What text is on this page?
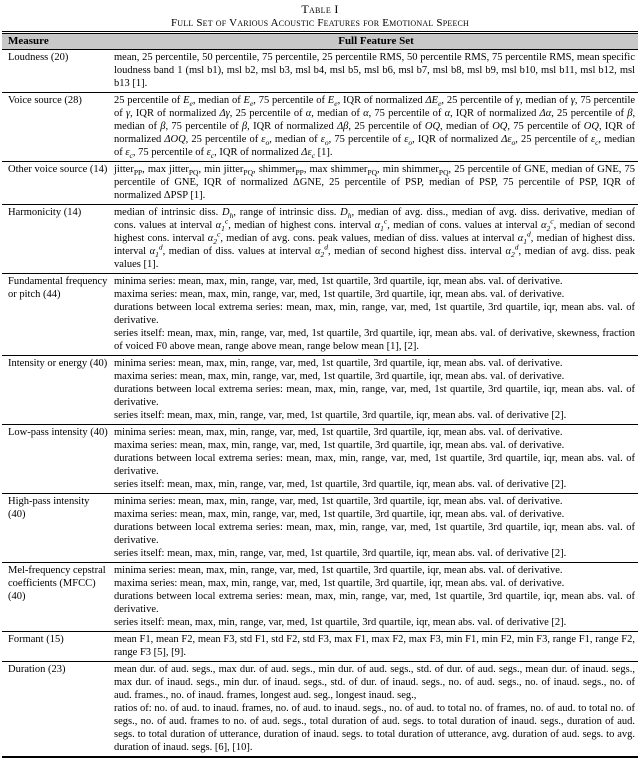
Table I
Full Set of Various Acoustic Features for Emotional Speech
Measure	Full Feature Set
Loudness (20)	mean, 25 percentile, 50 percentile, 75 percentile, 25 percentile RMS, 50 percentile RMS, 75 percentile RMS, mean specific loudness band 1 (msl b1), msl b2, msl b3, msl b4, msl b5, msl b6, msl b7, msl b8, msl b9, msl b10, msl b11, msl b12, msl b13 [1].

Voice source (28)	25 percentile of $E_e$, median of $E_e$, 75 percentile of $E_e$, IQR of normalized $\Delta E_e$, 25 percentile of γ, median of γ, 75 percentile of γ, IQR of normalized Δγ, 25 percentile of α, median of α, 75 percentile of α, IQR of normalized Δα, 25 percentile of β, median of β, 75 percentile of β, IQR of normalized Δβ, 25 percentile of OQ, median of OQ, 75 percentile of OQ, IQR of normalized ΔOQ, 25 percentile of $\varepsilon_o$, median of $\varepsilon_o$, 75 percentile of $\varepsilon_o$, IQR of normalized $\Delta\varepsilon_o$, 25 percentile of $\varepsilon_c$, median of $\varepsilon_c$, 75 percentile of $\varepsilon_c$, IQR of normalized $\Delta\varepsilon_c$ [1].

Other voice source (14)	jitter$_{PP}$, max jitter$_{PQ}$, min jitter$_{PQ}$, shimmer$_{PP}$, max shimmer$_{PQ}$, min shimmer$_{PQ}$, 25 percentile of GNE, median of GNE, 75 percentile of GNE, IQR of normalized ΔGNE, 25 percentile of PSP, median of PSP, 75 percentile of PSP, IQR of normalized ΔPSP [1].

Harmonicity (14)	median of intrinsic diss. $D_h$, range of intrinsic diss. $D_h$, median of avg. diss., median of avg. diss. derivative, median of cons. values at interval $\alpha_1^c$, median of highest cons. interval $\alpha_1^c$, median of cons. values at interval $\alpha_2^c$, median of second highest cons. interval $\alpha_2^c$, median of avg. cons. peak values, median of diss. values at interval $\alpha_1^d$, median of highest diss. interval $\alpha_1^d$, median of diss. values at interval $\alpha_2^d$, median of second highest diss. interval $\alpha_2^d$, median of avg. diss. peak values [1].

Fundamental frequency or pitch (44)	minima series: mean, max, min, range, var, med, 1st quartile, 3rd quartile, iqr, mean abs. val. of derivative.

maxima series: mean, max, min, range, var, med, 1st quartile, 3rd quartile, iqr, mean abs. val. of derivative.

durations between local extrema series: mean, max, min, range, var, med, 1st quartile, 3rd quartile, iqr, mean abs. val. of derivative.

series itself: mean, max, min, range, var, med, 1st quartile, 3rd quartile, iqr, mean abs. val. of derivative, skewness, fraction of voiced F0 above mean, range above mean, range below mean [1], [2].

Intensity or energy (40)	minima series: mean, max, min, range, var, med, 1st quartile, 3rd quartile, iqr, mean abs. val. of derivative.

maxima series: mean, max, min, range, var, med, 1st quartile, 3rd quartile, iqr, mean abs. val. of derivative.

durations between local extrema series: mean, max, min, range, var, med, 1st quartile, 3rd quartile, iqr, mean abs. val. of derivative.

series itself: mean, max, min, range, var, med, 1st quartile, 3rd quartile, iqr, mean abs. val. of derivative [2].

Low-pass intensity (40)	minima series: mean, max, min, range, var, med, 1st quartile, 3rd quartile, iqr, mean abs. val. of derivative.

maxima series: mean, max, min, range, var, med, 1st quartile, 3rd quartile, iqr, mean abs. val. of derivative.

durations between local extrema series: mean, max, min, range, var, med, 1st quartile, 3rd quartile, iqr, mean abs. val. of derivative.

series itself: mean, max, min, range, var, med, 1st quartile, 3rd quartile, iqr, mean abs. val. of derivative [2].

High-pass intensity (40)	minima series: mean, max, min, range, var, med, 1st quartile, 3rd quartile, iqr, mean abs. val. of derivative.

maxima series: mean, max, min, range, var, med, 1st quartile, 3rd quartile, iqr, mean abs. val. of derivative.

durations between local extrema series: mean, max, min, range, var, med, 1st quartile, 3rd quartile, iqr, mean abs. val. of derivative.

series itself: mean, max, min, range, var, med, 1st quartile, 3rd quartile, iqr, mean abs. val. of derivative [2].

Mel-frequency cepstral coefficients (MFCC) (40)	minima series: mean, max, min, range, var, med, 1st quartile, 3rd quartile, iqr, mean abs. val. of derivative.

maxima series: mean, max, min, range, var, med, 1st quartile, 3rd quartile, iqr, mean abs. val. of derivative.

durations between local extrema series: mean, max, min, range, var, med, 1st quartile, 3rd quartile, iqr, mean abs. val. of derivative.

series itself: mean, max, min, range, var, med, 1st quartile, 3rd quartile, iqr, mean abs. val. of derivative [2].

Formant (15)	mean F1, mean F2, mean F3, std F1, std F2, std F3, max F1, max F2, max F3, min F1, min F2, min F3, range F1, range F2, range F3 [5], [9].

Duration (23)	mean dur. of aud. segs., max dur. of aud. segs., min dur. of aud. segs., std. of dur. of aud. segs., mean dur. of inaud. segs., max dur. of inaud. segs., min dur. of inaud. segs., std. of dur. of inaud. segs., no. of aud. segs., no. of inaud. segs., no. of aud. frames., no. of inaud. frames, longest aud. seg., longest inaud. seg.,

ratios of: no. of aud. to inaud. frames, no. of aud. to inaud. segs., no. of aud. to total no. of frames, no. of aud. to total no. of segs., no. of aud. frames to no. of aud. segs., total duration of aud. segs. to total duration of inaud. segs., duration of aud. segs. to total duration of utterance, duration of inaud. segs. to total duration of utterance, avg. duration of aud. segs. to avg. duration of inaud. segs. [6], [10].
